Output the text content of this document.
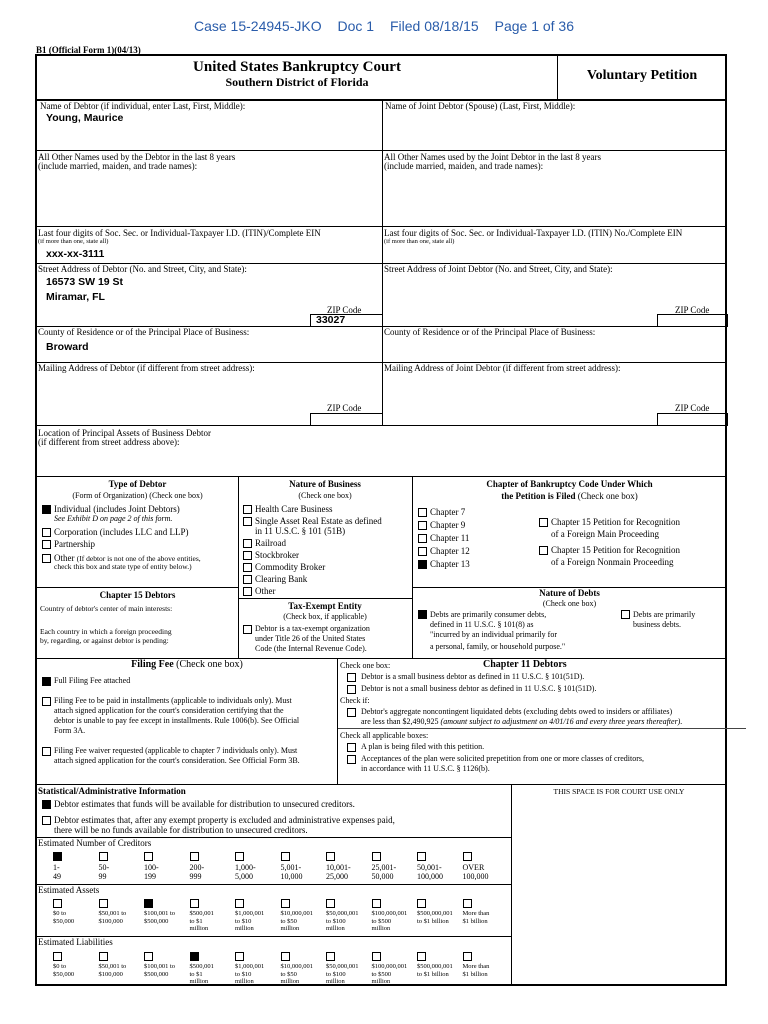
Case 15-24945-JKO Doc 1 Filed 08/18/15 Page 1 of 36
B1 (Official Form 1)(04/13)
United States Bankruptcy Court
Southern District of Florida	Voluntary Petition
Name of Debtor (if individual, enter Last, First, Middle):
Young, Maurice
Name of Joint Debtor (Spouse) (Last, First, Middle):
All Other Names used by the Debtor in the last 8 years
(include married, maiden, and trade names):
All Other Names used by the Joint Debtor in the last 8 years
(include married, maiden, and trade names):
Last four digits of Soc. Sec. or Individual-Taxpayer I.D. (ITIN)/Complete EIN
(if more than one, state all)
xxx-xx-3111
Last four digits of Soc. Sec. or Individual-Taxpayer I.D. (ITIN) No./Complete EIN
(if more than one, state all)
Street Address of Debtor (No. and Street, City, and State):
16573 SW 19 St
Miramar, FL
ZIP Code
33027
Street Address of Joint Debtor (No. and Street, City, and State):
ZIP Code
County of Residence or of the Principal Place of Business:
Broward
County of Residence or of the Principal Place of Business:
Mailing Address of Debtor (if different from street address):
ZIP Code
Mailing Address of Joint Debtor (if different from street address):
ZIP Code
Location of Principal Assets of Business Debtor
(if different from street address above):
Type of Debtor
(Form of Organization) (Check one box)
Individual (includes Joint Debtors)
See Exhibit D on page 2 of this form.
Corporation (includes LLC and LLP)
Partnership
Other (If debtor is not one of the above entities,
check this box and state type of entity below.)
Chapter 15 Debtors
Country of debtor's center of main interests:
Each country in which a foreign proceeding
by, regarding, or against debtor is pending:
Nature of Business
(Check one box)
Health Care Business
Single Asset Real Estate as defined
in 11 U.S.C. § 101 (51B)
Railroad
Stockbroker
Commodity Broker
Clearing Bank
Other
Tax-Exempt Entity
(Check box, if applicable)
Debtor is a tax-exempt organization
under Title 26 of the United States
Code (the Internal Revenue Code).
Chapter of Bankruptcy Code Under Which
the Petition is Filed (Check one box)
Chapter 7
Chapter 9
Chapter 11
Chapter 12
Chapter 13
Chapter 15 Petition for Recognition
of a Foreign Main Proceeding
Chapter 15 Petition for Recognition
of a Foreign Nonmain Proceeding
Nature of Debts
(Check one box)
Debts are primarily consumer debts,
defined in 11 U.S.C. § 101(8) as
"incurred by an individual primarily for
a personal, family, or household purpose."
Debts are primarily
business debts.
Filing Fee (Check one box)
Full Filing Fee attached
Filing Fee to be paid in installments (applicable to individuals only). Must
attach signed application for the court's consideration certifying that the
debtor is unable to pay fee except in installments. Rule 1006(b). See Official
Form 3A.
Filing Fee waiver requested (applicable to chapter 7 individuals only). Must
attach signed application for the court's consideration. See Official Form 3B.
Check one box:	Chapter 11 Debtors
Debtor is a small business debtor as defined in 11 U.S.C. § 101(51D).
Debtor is not a small business debtor as defined in 11 U.S.C. § 101(51D).
Check if:
Debtor's aggregate noncontingent liquidated debts (excluding debts owed to insiders or affiliates)
are less than $2,490,925 (amount subject to adjustment on 4/01/16 and every three years thereafter).
Check all applicable boxes:
A plan is being filed with this petition.
Acceptances of the plan were solicited prepetition from one or more classes of creditors,
in accordance with 11 U.S.C. § 1126(b).
Statistical/Administrative Information	THIS SPACE IS FOR COURT USE ONLY
Debtor estimates that funds will be available for distribution to unsecured creditors.
Debtor estimates that, after any exempt property is excluded and administrative expenses paid,
there will be no funds available for distribution to unsecured creditors.
Estimated Number of Creditors
1-
49
50-
99
100-
199
200-
999
1,000-
5,000
5,001-
10,000
10,001-
25,000
25,001-
50,000
50,001-
100,000
OVER
100,000
Estimated Assets
$0 to
$50,000
$50,001 to
$100,000
$100,001 to
$500,000
$500,001
to $1
million
$1,000,001
to $10
million
$10,000,001
to $50
million
$50,000,001
to $100
million
$100,000,001
to $500
million
$500,000,001
to $1 billion
More than
$1 billion
Estimated Liabilities
$0 to
$50,000
$50,001 to
$100,000
$100,001 to
$500,000
$500,001
to $1
million
$1,000,001
to $10
million
$10,000,001
to $50
million
$50,000,001
to $100
million
$100,000,001
to $500
million
$500,000,001
to $1 billion
More than
$1 billion
